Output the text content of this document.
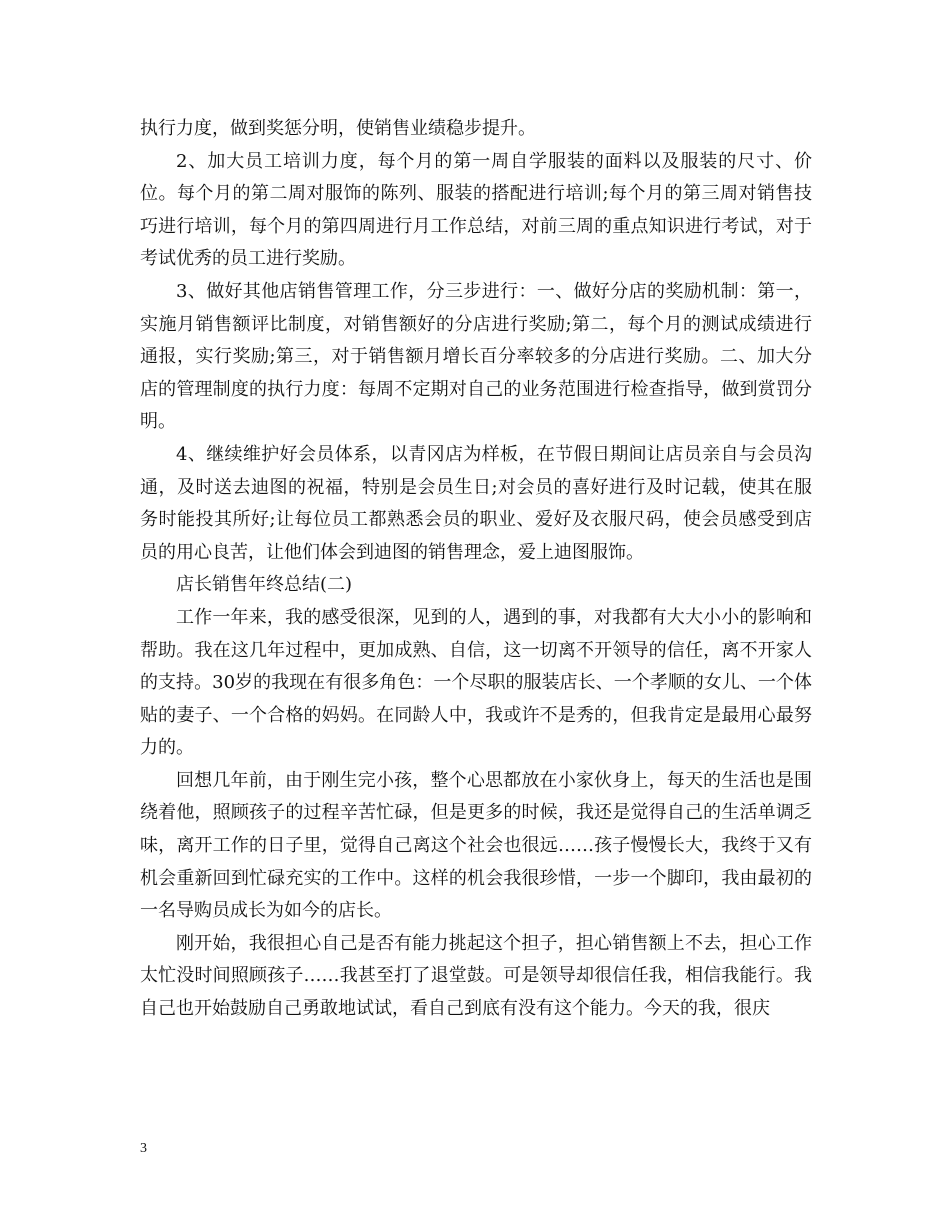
执行力度，做到奖惩分明，使销售业绩稳步提升。

2、加大员工培训力度，每个月的第一周自学服装的面料以及服装的尺寸、价位。每个月的第二周对服饰的陈列、服装的搭配进行培训;每个月的第三周对销售技巧进行培训，每个月的第四周进行月工作总结，对前三周的重点知识进行考试，对于考试优秀的员工进行奖励。

3、做好其他店销售管理工作，分三步进行：一、做好分店的奖励机制：第一，实施月销售额评比制度，对销售额好的分店进行奖励;第二，每个月的测试成绩进行通报，实行奖励;第三，对于销售额月增长百分率较多的分店进行奖励。二、加大分店的管理制度的执行力度：每周不定期对自己的业务范围进行检查指导，做到赏罚分明。

4、继续维护好会员体系，以青冈店为样板，在节假日期间让店员亲自与会员沟通，及时送去迪图的祝福，特别是会员生日;对会员的喜好进行及时记载，使其在服务时能投其所好;让每位员工都熟悉会员的职业、爱好及衣服尺码，使会员感受到店员的用心良苦，让他们体会到迪图的销售理念，爱上迪图服饰。

店长销售年终总结(二)

工作一年来，我的感受很深，见到的人，遇到的事，对我都有大大小小的影响和帮助。我在这几年过程中，更加成熟、自信，这一切离不开领导的信任，离不开家人的支持。30岁的我现在有很多角色：一个尽职的服装店长、一个孝顺的女儿、一个体贴的妻子、一个合格的妈妈。在同龄人中，我或许不是秀的，但我肯定是最用心最努力的。

回想几年前，由于刚生完小孩，整个心思都放在小家伙身上，每天的生活也是围绕着他，照顾孩子的过程辛苦忙碌，但是更多的时候，我还是觉得自己的生活单调乏味，离开工作的日子里，觉得自己离这个社会也很远……孩子慢慢长大，我终于又有机会重新回到忙碌充实的工作中。这样的机会我很珍惜，一步一个脚印，我由最初的一名导购员成长为如今的店长。

刚开始，我很担心自己是否有能力挑起这个担子，担心销售额上不去，担心工作太忙没时间照顾孩子……我甚至打了退堂鼓。可是领导却很信任我，相信我能行。我自己也开始鼓励自己勇敢地试试，看自己到底有没有这个能力。今天的我，很庆

3
